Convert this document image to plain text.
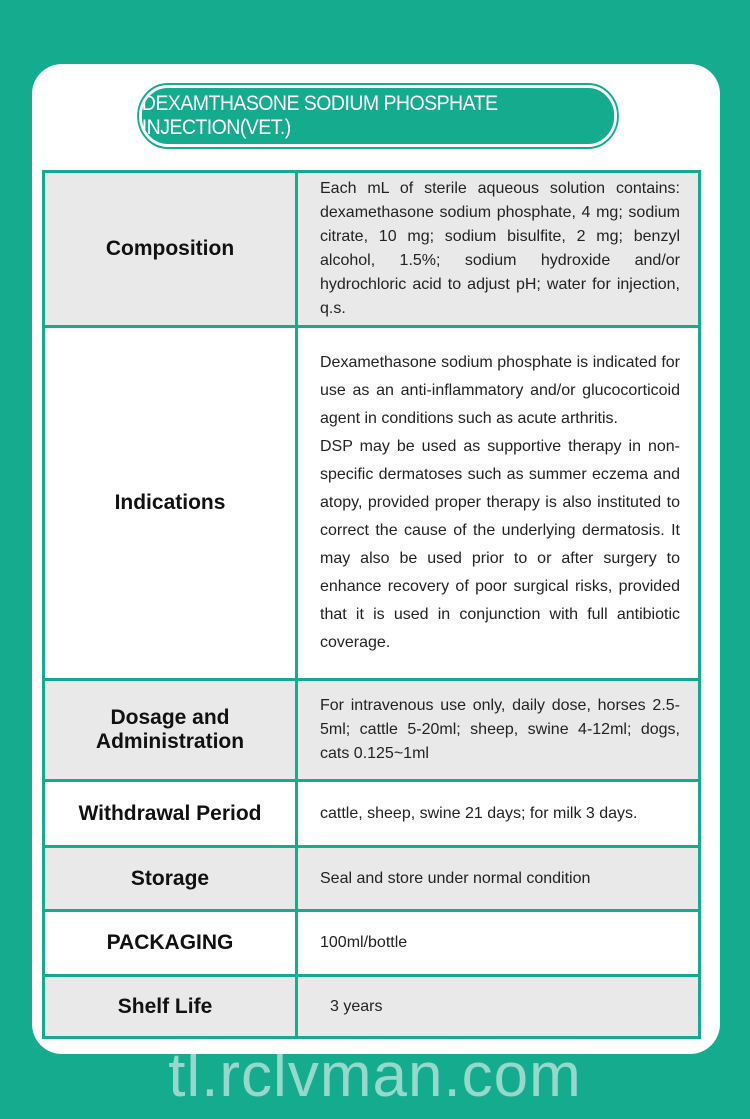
DEXAMTHASONE SODIUM PHOSPHATE INJECTION(VET.)
Composition	Each mL of sterile aqueous solution contains: dexamethasone sodium phosphate, 4 mg; sodium citrate, 10 mg; sodium bisulfite, 2 mg; benzyl alcohol, 1.5%; sodium hydroxide and/or hydrochloric acid to adjust pH; water for injection, q.s.
Indications	Dexamethasone sodium phosphate is indicated for use as an anti-inflammatory and/or glucocorticoid agent in conditions such as acute arthritis.

DSP may be used as supportive therapy in non-specific dermatoses such as summer eczema and atopy, provided proper therapy is also instituted to correct the cause of the underlying dermatosis. It may also be used prior to or after surgery to enhance recovery of poor surgical risks, provided that it is used in conjunction with full antibiotic coverage.

Dosage and Administration	For intravenous use only, daily dose, horses 2.5-5ml; cattle 5-20ml; sheep, swine 4-12ml; dogs, cats 0.125~1ml
Withdrawal Period	cattle, sheep, swine 21 days; for milk 3 days.
Storage	Seal and store under normal condition
PACKAGING	100ml/bottle
Shelf Life	3 years
tl.rclvman.com
